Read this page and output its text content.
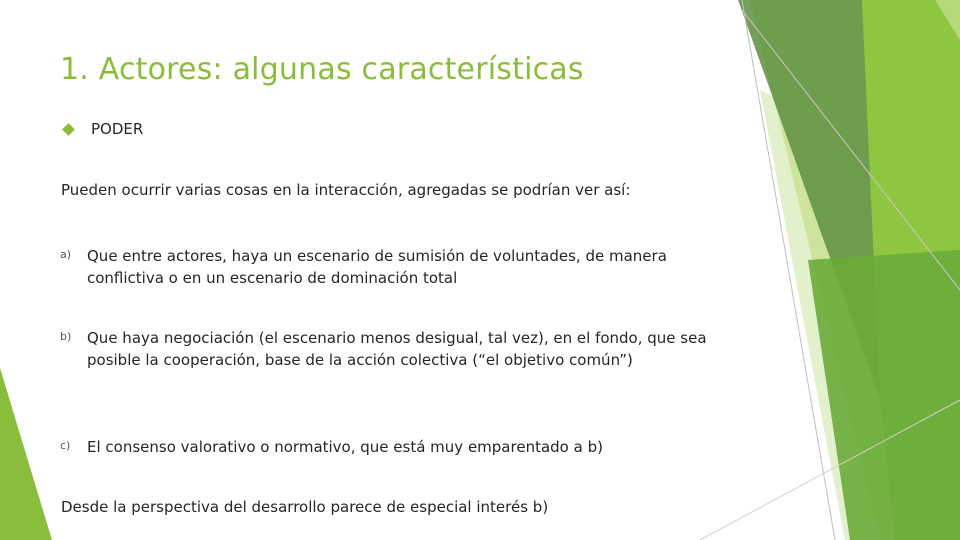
1. Actores: algunas características
PODER
Pueden ocurrir varias cosas en la interacción, agregadas se podrían ver así:
a) Que entre actores, haya un escenario de sumisión de voluntades, de manera conflictiva o en un escenario de dominación total
b) Que haya negociación (el escenario menos desigual, tal vez), en el fondo, que sea posible la cooperación, base de la acción colectiva (“el objetivo común”)
c) El consenso valorativo o normativo, que está muy emparentado a b)
Desde la perspectiva del desarrollo parece de especial interés b)
